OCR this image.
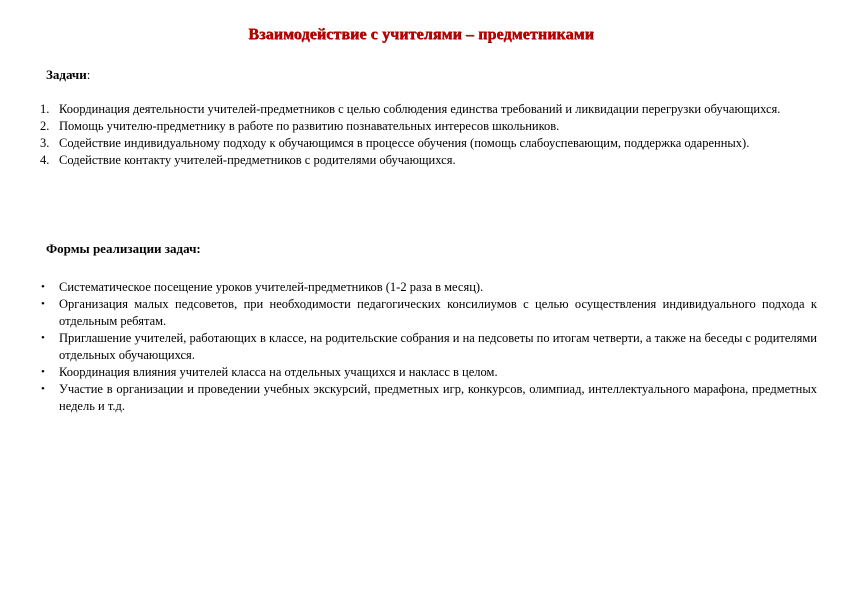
Взаимодействие с учителями – предметниками
Задачи:
1. Координация деятельности учителей-предметников с целью соблюдения единства требований и ликвидации перегрузки обучающихся.
2. Помощь учителю-предметнику в работе по развитию познавательных интересов школьников.
3. Содействие индивидуальному подходу к обучающимся в процессе обучения (помощь слабоуспевающим, поддержка одаренных).
4. Содействие контакту учителей-предметников с родителями обучающихся.
Формы реализации задач:
• Систематическое посещение уроков учителей-предметников (1-2 раза в месяц).
• Организация малых педсоветов, при необходимости педагогических консилиумов с целью осуществления индивидуального подхода к отдельным ребятам.
• Приглашение учителей, работающих в классе, на родительские собрания и на педсоветы по итогам четверти, а также на беседы с родителями отдельных обучающихся.
• Координация влияния учителей класса на отдельных учащихся и накласс в целом.
• Участие в организации и проведении учебных экскурсий, предметных игр, конкурсов, олимпиад, интеллектуального марафона, предметных недель и т.д.
